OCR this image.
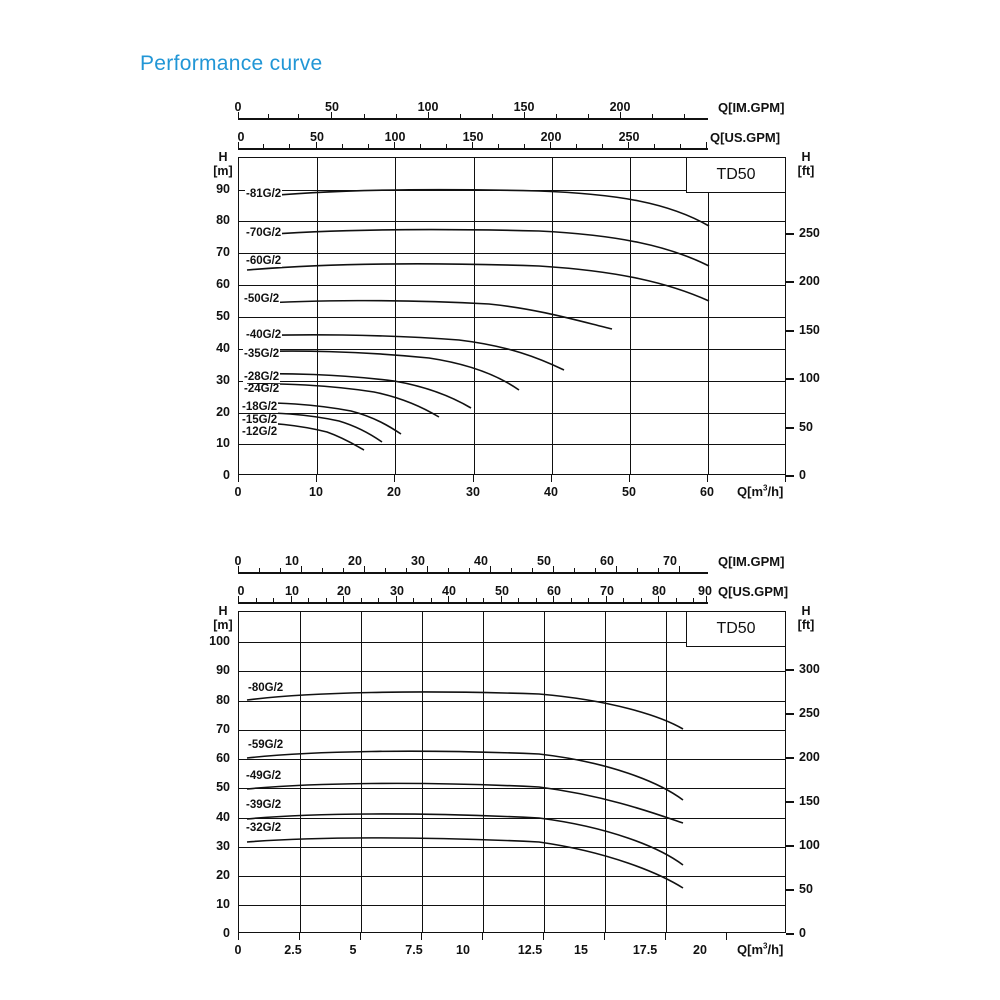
Performance curve
0	50	100	150	200	Q[IM.GPM]
0	50	100	150	200	250	Q[US.GPM]
H
[m]
0
10
20
30
40
50
60
70
80
90
H
[ft]
0
50
100
150
200
250
0	10	20	30	40	50	60 $Q[m^3/h]$
TD50
-81G/2
-70G/2
-60G/2
-50G/2
-40G/2
-35G/2
-28G/2
-24G/2
-18G/2
-15G/2
-12G/2
0	10	20	30	40	50	60	70	Q[IM.GPM]
0	10	20	30	40	50	60	70	80	90 Q[US.GPM]
H
[m]
0
10
20
30
40
50
60
70
80
90
100
H
[ft]
0
50
100
150
200
250
300
0	2.5	5	7.5	10	12.5	15	17.5	20 $Q[m^3/h]$
TD50
-80G/2
-59G/2
-49G/2
-39G/2
-32G/2
